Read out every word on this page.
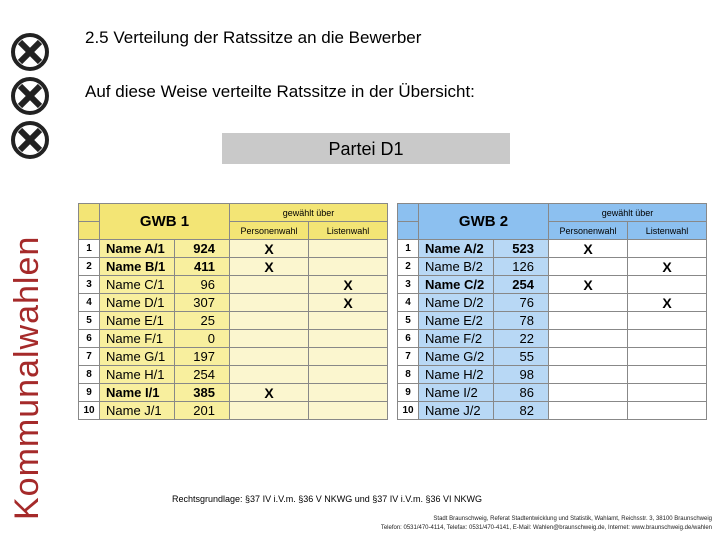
Kommunalwahlen
2.5 Verteilung der Ratssitze an die Bewerber
Auf diese Weise verteilte Ratssitze in der Übersicht:
Partei D1
	GWB 1		gewählt über	
			Personenwahl	Listenwahl
1	Name A/1	924	X	
2	Name B/1	411	X	
3	Name C/1	96		X
4	Name D/1	307		X
5	Name E/1	25		
6	Name F/1	0		
7	Name G/1	197		
8	Name H/1	254		
9	Name I/1	385	X	
10	Name J/1	201		
	GWB 2		gewählt über	
			Personenwahl	Listenwahl
1	Name A/2	523	X	
2	Name B/2	126		X
3	Name C/2	254	X	
4	Name D/2	76		X
5	Name E/2	78		
6	Name F/2	22		
7	Name G/2	55		
8	Name H/2	98		
9	Name I/2	86		
10	Name J/2	82		
Rechtsgrundlage: §37 IV i.V.m. §36 V NKWG und §37 IV i.V.m. §36 VI NKWG
Stadt Braunschweig, Referat Stadtentwicklung und Statistik, Wahlamt, Reichsstr. 3, 38100 Braunschweig
Telefon: 0531/470-4114, Telefax: 0531/470-4141, E-Mail: Wahlen@braunschweig.de, Internet: www.braunschweig.de/wahlen
